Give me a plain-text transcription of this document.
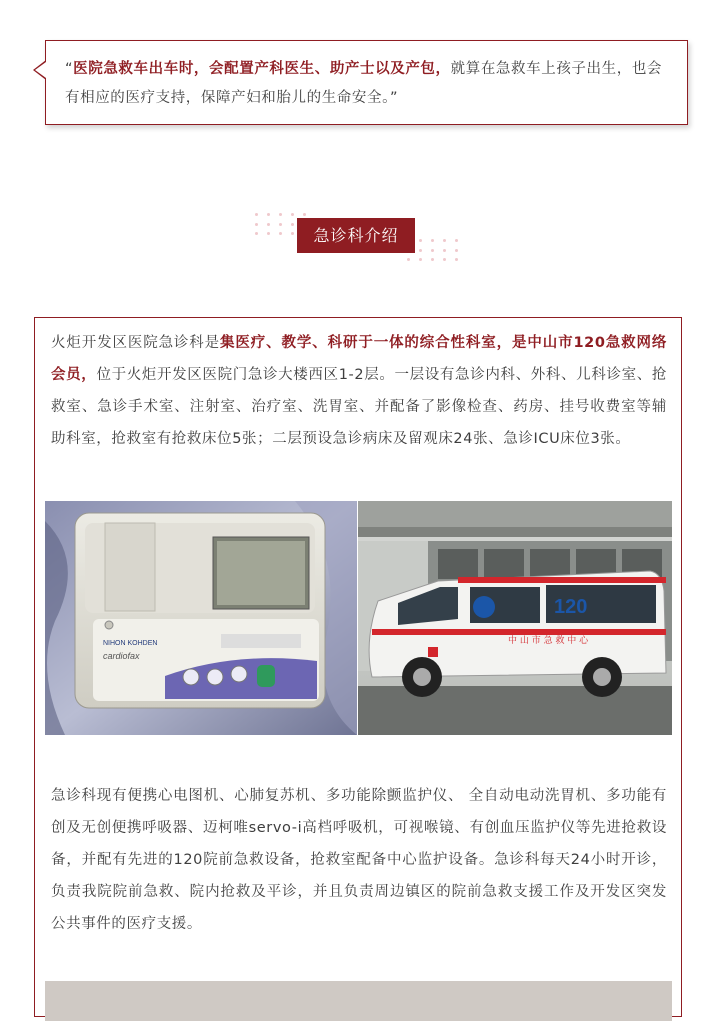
“医院急救车出车时，会配置产科医生、助产士以及产包，就算在急救车上孩子出生，也会有相应的医疗支持，保障产妇和胎儿的生命安全。”
急诊科介绍
火炬开发区医院急诊科是集医疗、教学、科研于一体的综合性科室，是中山市120急救网络会员，位于火炬开发区医院门急诊大楼西区1-2层。一层设有急诊内科、外科、儿科诊室、抢救室、急诊手术室、注射室、治疗室、洗胃室、并配备了影像检查、药房、挂号收费室等辅助科室，抢救室有抢救床位5张；二层预设急诊病床及留观床24张、急诊ICU床位3张。
NIHON KOHDEN
cardiofax
120
中 山 市 急 救 中 心
急诊科现有便携心电图机、心肺复苏机、多功能除颤监护仪、 全自动电动洗胃机、多功能有创及无创便携呼吸器、迈柯唯servo-i高档呼吸机，可视喉镜、有创血压监护仪等先进抢救设备，并配有先进的120院前急救设备，抢救室配备中心监护设备。急诊科每天24小时开诊，负责我院院前急救、院内抢救及平诊，并且负责周边镇区的院前急救支援工作及开发区突发公共事件的医疗支援。
